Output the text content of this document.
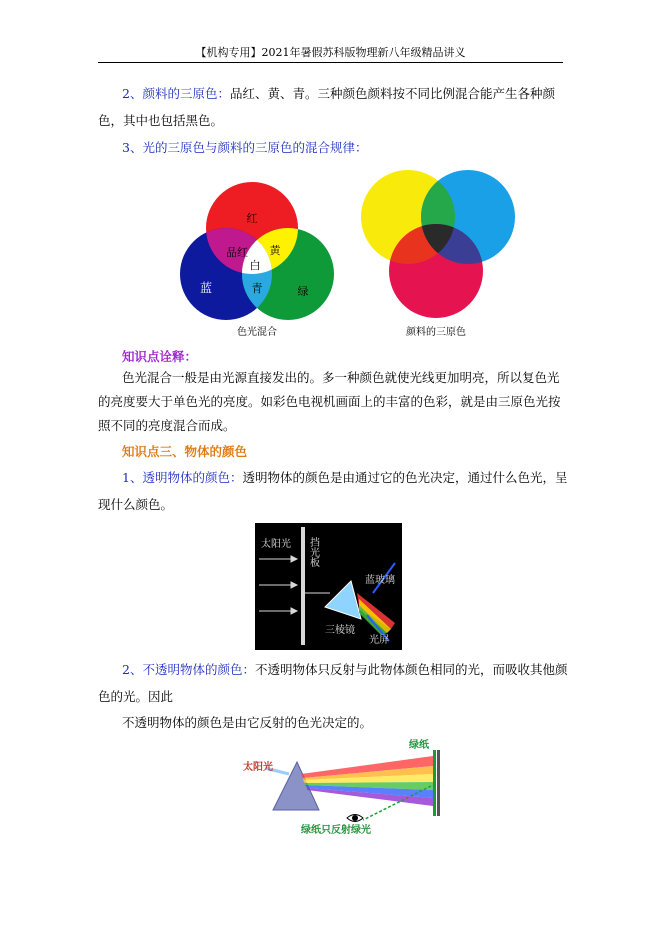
【机构专用】2021年暑假苏科版物理新八年级精品讲义
2、颜料的三原色：品红、黄、青。三种颜色颜料按不同比例混合能产生各种颜色，其中也包括黑色。
3、光的三原色与颜料的三原色的混合规律：
红
品红 黄
白
蓝	青	绿
色光混合	颜料的三原色
知识点诠释：
色光混合一般是由光源直接发出的。多一种颜色就使光线更加明亮，所以复色光的亮度要大于单色光的亮度。如彩色电视机画面上的丰富的色彩，就是由三原色光按照不同的亮度混合而成。
知识点三、物体的颜色
1、透明物体的颜色：透明物体的颜色是由通过它的色光决定，通过什么色光，呈现什么颜色。
太阳光 挡光板
蓝玻璃
三棱镜
光屏
2、不透明物体的颜色：不透明物体只反射与此物体颜色相同的光，而吸收其他颜色的光。因此
不透明物体的颜色是由它反射的色光决定的。
太阳光
绿纸
绿纸只反射绿光
